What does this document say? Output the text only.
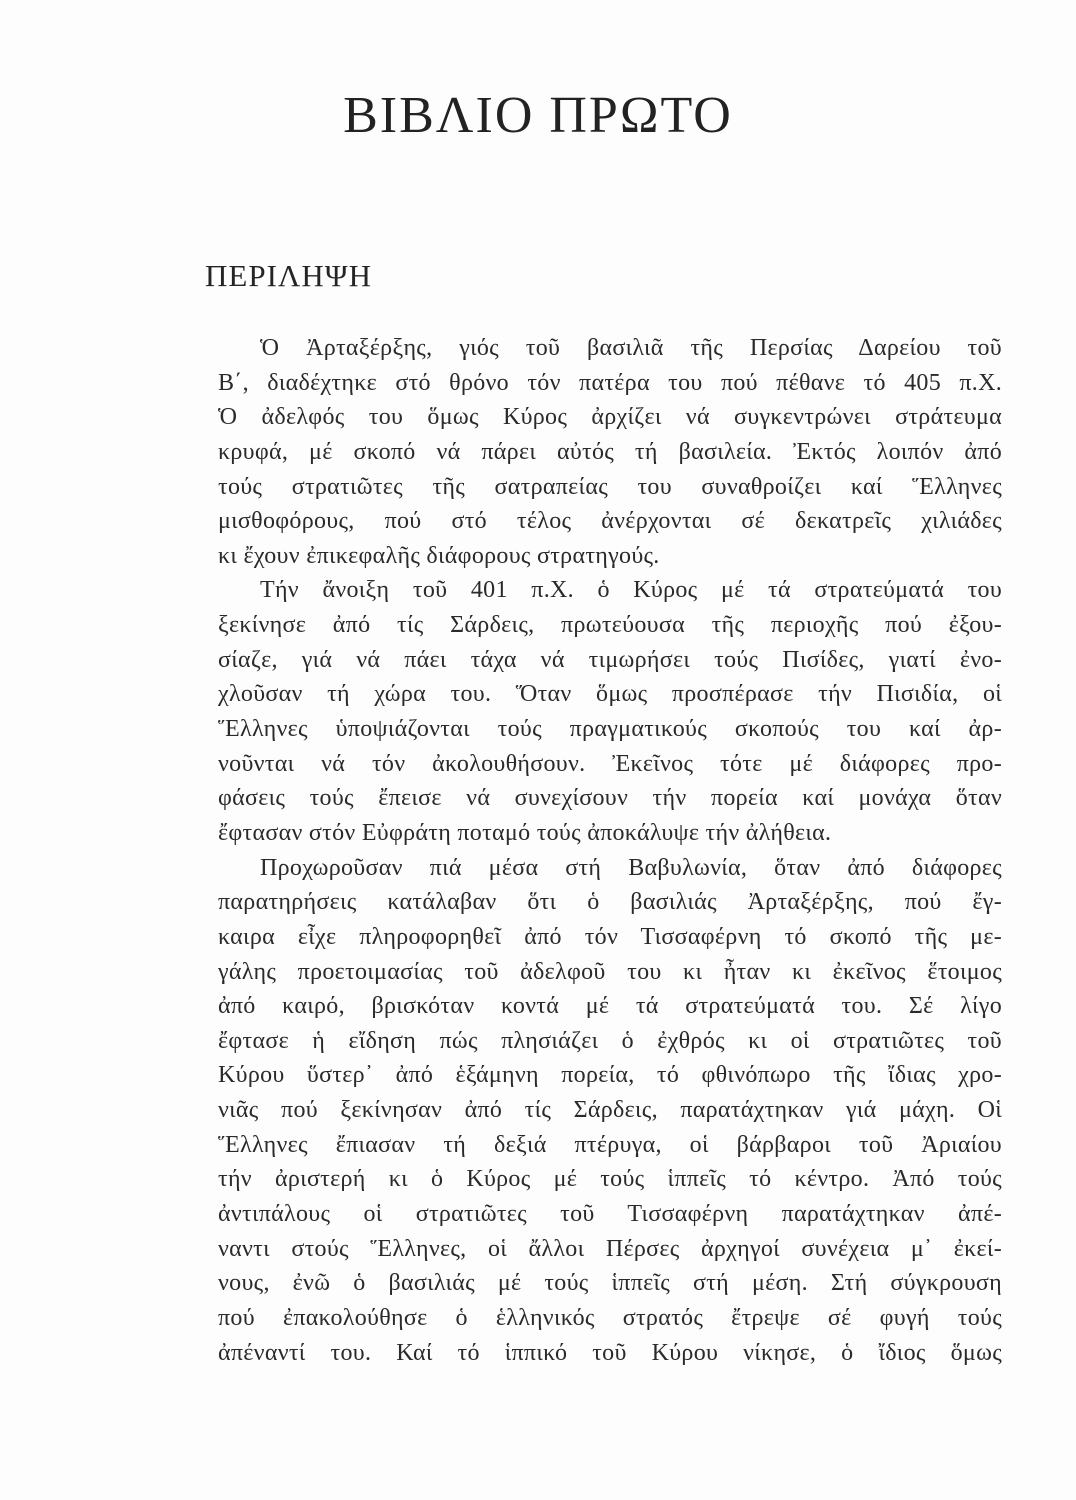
ΒΙΒΛΙΟ ΠΡΩΤΟ
ΠΕΡΙΛΗΨΗ
Ὁ Ἀρταξέρξης, γιός τοῦ βασιλιᾶ τῆς Περσίας Δαρείου τοῦ
Β΄, διαδέχτηκε στό θρόνο τόν πατέρα του πού πέθανε τό 405 π.Χ.
Ὁ ἀδελφός του ὅμως Κύρος ἀρχίζει νά συγκεντρώνει στράτευμα
κρυφά, μέ σκοπό νά πάρει αὐτός τή βασιλεία. Ἐκτός λοιπόν ἀπό
τούς στρατιῶτες τῆς σατραπείας του συναθροίζει καί Ἕλληνες
μισθοφόρους, πού στό τέλος ἀνέρχονται σέ δεκατρεῖς χιλιάδες
κι ἔχουν ἐπικεφαλῆς διάφορους στρατηγούς.
Τήν ἄνοιξη τοῦ 401 π.Χ. ὁ Κύρος μέ τά στρατεύματά του
ξεκίνησε ἀπό τίς Σάρδεις, πρωτεύουσα τῆς περιοχῆς πού ἐξου-
σίαζε, γιά νά πάει τάχα νά τιμωρήσει τούς Πισίδες, γιατί ἐνο-
χλοῦσαν τή χώρα του. Ὅταν ὅμως προσπέρασε τήν Πισιδία, οἱ
Ἕλληνες ὑποψιάζονται τούς πραγματικούς σκοπούς του καί ἀρ-
νοῦνται νά τόν ἀκολουθήσουν. Ἐκεῖνος τότε μέ διάφορες προ-
φάσεις τούς ἔπεισε νά συνεχίσουν τήν πορεία καί μονάχα ὅταν
ἔφτασαν στόν Εὐφράτη ποταμό τούς ἀποκάλυψε τήν ἀλήθεια.
Προχωροῦσαν πιά μέσα στή Βαβυλωνία, ὅταν ἀπό διάφορες
παρατηρήσεις κατάλαβαν ὅτι ὁ βασιλιάς Ἀρταξέρξης, πού ἔγ-
καιρα εἶχε πληροφορηθεῖ ἀπό τόν Τισσαφέρνη τό σκοπό τῆς με-
γάλης προετοιμασίας τοῦ ἀδελφοῦ του κι ἦταν κι ἐκεῖνος ἕτοιμος
ἀπό καιρό, βρισκόταν κοντά μέ τά στρατεύματά του. Σέ λίγο
ἔφτασε ἡ εἴδηση πώς πλησιάζει ὁ ἐχθρός κι οἱ στρατιῶτες τοῦ
Κύρου ὕστερ᾽ ἀπό ἑξάμηνη πορεία, τό φθινόπωρο τῆς ἴδιας χρο-
νιᾶς πού ξεκίνησαν ἀπό τίς Σάρδεις, παρατάχτηκαν γιά μάχη. Οἱ
Ἕλληνες ἔπιασαν τή δεξιά πτέρυγα, οἱ βάρβαροι τοῦ Ἀριαίου
τήν ἀριστερή κι ὁ Κύρος μέ τούς ἱππεῖς τό κέντρο. Ἀπό τούς
ἀντιπάλους οἱ στρατιῶτες τοῦ Τισσαφέρνη παρατάχτηκαν ἀπέ-
ναντι στούς Ἕλληνες, οἱ ἄλλοι Πέρσες ἀρχηγοί συνέχεια μ᾽ ἐκεί-
νους, ἐνῶ ὁ βασιλιάς μέ τούς ἱππεῖς στή μέση. Στή σύγκρουση
πού ἐπακολούθησε ὁ ἑλληνικός στρατός ἔτρεψε σέ φυγή τούς
ἀπέναντί του. Καί τό ἱππικό τοῦ Κύρου νίκησε, ὁ ἴδιος ὅμως
